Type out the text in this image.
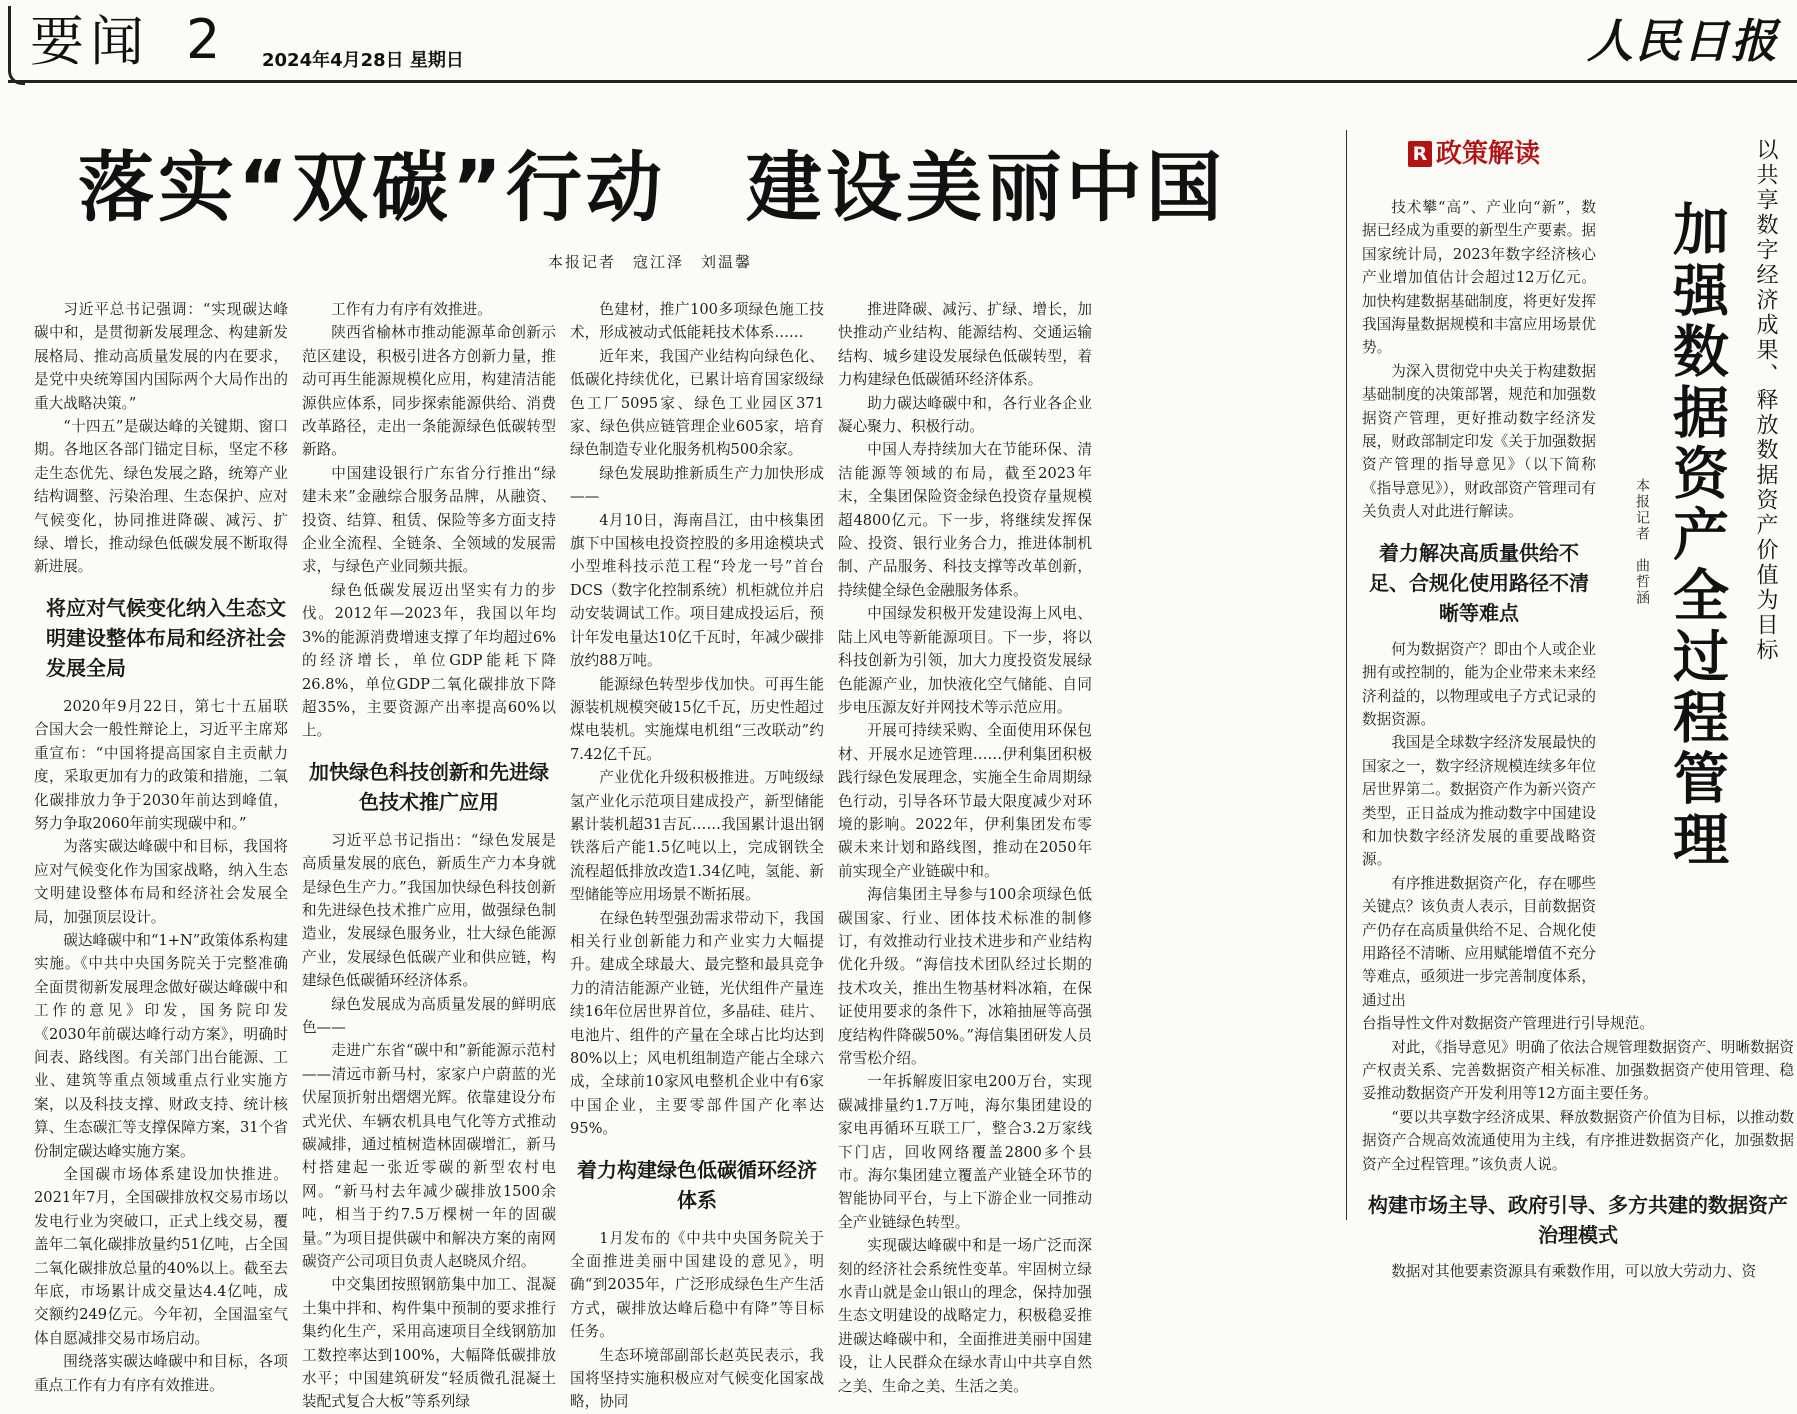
要闻 2 2024年4月28日 星期日	人民日报
落实“双碳”行动　建设美丽中国
本报记者　寇江泽　刘温馨

习近平总书记强调：“实现碳达峰碳中和，是贯彻新发展理念、构建新发展格局、推动高质量发展的内在要求，是党中央统筹国内国际两个大局作出的重大战略决策。”

“十四五”是碳达峰的关键期、窗口期。各地区各部门锚定目标，坚定不移走生态优先、绿色发展之路，统筹产业结构调整、污染治理、生态保护、应对气候变化，协同推进降碳、减污、扩绿、增长，推动绿色低碳发展不断取得新进展。

将应对气候变化纳入生态文明建设整体布局和经济社会发展全局

2020年9月22日，第七十五届联合国大会一般性辩论上，习近平主席郑重宣布：“中国将提高国家自主贡献力度，采取更加有力的政策和措施，二氧化碳排放力争于2030年前达到峰值，努力争取2060年前实现碳中和。”

为落实碳达峰碳中和目标，我国将应对气候变化作为国家战略，纳入生态文明建设整体布局和经济社会发展全局，加强顶层设计。

碳达峰碳中和“1+N”政策体系构建实施。《中共中央国务院关于完整准确全面贯彻新发展理念做好碳达峰碳中和工作的意见》印发，国务院印发《2030年前碳达峰行动方案》，明确时间表、路线图。有关部门出台能源、工业、建筑等重点领域重点行业实施方案，以及科技支撑、财政支持、统计核算、生态碳汇等支撑保障方案，31个省份制定碳达峰实施方案。

全国碳市场体系建设加快推进。2021年7月，全国碳排放权交易市场以发电行业为突破口，正式上线交易，覆盖年二氧化碳排放量约51亿吨，占全国二氧化碳排放总量的40%以上。截至去年底，市场累计成交量达4.4亿吨，成交额约249亿元。今年初，全国温室气体自愿减排交易市场启动。

围绕落实碳达峰碳中和目标，各项重点工作有力有序有效推进。

工作有力有序有效推进。

陕西省榆林市推动能源革命创新示范区建设，积极引进各方创新力量，推动可再生能源规模化应用，构建清洁能源供应体系，同步探索能源供给、消费改革路径，走出一条能源绿色低碳转型新路。

中国建设银行广东省分行推出“绿建未来”金融综合服务品牌，从融资、投资、结算、租赁、保险等多方面支持企业全流程、全链条、全领域的发展需求，与绿色产业同频共振。

绿色低碳发展迈出坚实有力的步伐。2012年—2023年，我国以年均3%的能源消费增速支撑了年均超过6%的经济增长，单位GDP能耗下降26.8%，单位GDP二氧化碳排放下降超35%，主要资源产出率提高60%以上。

加快绿色科技创新和先进绿色技术推广应用

习近平总书记指出：“绿色发展是高质量发展的底色，新质生产力本身就是绿色生产力。”我国加快绿色科技创新和先进绿色技术推广应用，做强绿色制造业，发展绿色服务业，壮大绿色能源产业，发展绿色低碳产业和供应链，构建绿色低碳循环经济体系。

绿色发展成为高质量发展的鲜明底色——

走进广东省“碳中和”新能源示范村——清远市新马村，家家户户蔚蓝的光伏屋顶折射出熠熠光辉。依靠建设分布式光伏、车辆农机具电气化等方式推动碳减排，通过植树造林固碳增汇，新马村搭建起一张近零碳的新型农村电网。“新马村去年减少碳排放1500余吨，相当于约7.5万棵树一年的固碳量。”为项目提供碳中和解决方案的南网碳资产公司项目负责人赵晓凤介绍。

中交集团按照钢筋集中加工、混凝土集中拌和、构件集中预制的要求推行集约化生产，采用高速项目全线钢筋加工数控率达到100%，大幅降低碳排放水平；中国建筑研发“轻质微孔混凝土装配式复合大板”等系列绿

色建材，推广100多项绿色施工技术，形成被动式低能耗技术体系……

近年来，我国产业结构向绿色化、低碳化持续优化，已累计培育国家级绿色工厂5095家、绿色工业园区371家、绿色供应链管理企业605家，培育绿色制造专业化服务机构500余家。

绿色发展助推新质生产力加快形成——

4月10日，海南昌江，由中核集团旗下中国核电投资控股的多用途模块式小型堆科技示范工程“玲龙一号”首台DCS（数字化控制系统）机柜就位并启动安装调试工作。项目建成投运后，预计年发电量达10亿千瓦时，年减少碳排放约88万吨。

能源绿色转型步伐加快。可再生能源装机规模突破15亿千瓦，历史性超过煤电装机。实施煤电机组“三改联动”约7.42亿千瓦。

产业优化升级积极推进。万吨级绿氢产业化示范项目建成投产，新型储能累计装机超31吉瓦……我国累计退出钢铁落后产能1.5亿吨以上，完成钢铁全流程超低排放改造1.34亿吨，氢能、新型储能等应用场景不断拓展。

在绿色转型强劲需求带动下，我国相关行业创新能力和产业实力大幅提升。建成全球最大、最完整和最具竞争力的清洁能源产业链，光伏组件产量连续16年位居世界首位，多晶硅、硅片、电池片、组件的产量在全球占比均达到80%以上；风电机组制造产能占全球六成，全球前10家风电整机企业中有6家中国企业，主要零部件国产化率达95%。

着力构建绿色低碳循环经济体系

1月发布的《中共中央国务院关于全面推进美丽中国建设的意见》，明确“到2035年，广泛形成绿色生产生活方式，碳排放达峰后稳中有降”等目标任务。

生态环境部副部长赵英民表示，我国将坚持实施积极应对气候变化国家战略，协同

推进降碳、减污、扩绿、增长，加快推动产业结构、能源结构、交通运输结构、城乡建设发展绿色低碳转型，着力构建绿色低碳循环经济体系。

助力碳达峰碳中和，各行业各企业凝心聚力、积极行动。

中国人寿持续加大在节能环保、清洁能源等领域的布局，截至2023年末，全集团保险资金绿色投资存量规模超4800亿元。下一步，将继续发挥保险、投资、银行业务合力，推进体制机制、产品服务、科技支撑等改革创新，持续健全绿色金融服务体系。

中国绿发积极开发建设海上风电、陆上风电等新能源项目。下一步，将以科技创新为引领，加大力度投资发展绿色能源产业，加快液化空气储能、自同步电压源友好并网技术等示范应用。

开展可持续采购、全面使用环保包材、开展水足迹管理……伊利集团积极践行绿色发展理念，实施全生命周期绿色行动，引导各环节最大限度减少对环境的影响。2022年，伊利集团发布零碳未来计划和路线图，推动在2050年前实现全产业链碳中和。

海信集团主导参与100余项绿色低碳国家、行业、团体技术标准的制修订，有效推动行业技术进步和产业结构优化升级。“海信技术团队经过长期的技术攻关，推出生物基材料冰箱，在保证使用要求的条件下，冰箱抽屉等高强度结构件降碳50%。”海信集团研发人员常雪松介绍。

一年拆解废旧家电200万台，实现碳减排量约1.7万吨，海尔集团建设的家电再循环互联工厂，整合3.2万家线下门店，回收网络覆盖2800多个县市。海尔集团建立覆盖产业链全环节的智能协同平台，与上下游企业一同推动全产业链绿色转型。

实现碳达峰碳中和是一场广泛而深刻的经济社会系统性变革。牢固树立绿水青山就是金山银山的理念，保持加强生态文明建设的战略定力，积极稳妥推进碳达峰碳中和，全面推进美丽中国建设，让人民群众在绿水青山中共享自然之美、生命之美、生活之美。

R 政策解读	以共享数字经济成果、释放数据资产价值为目标
加强数据资产全过程管理
本报记者　曲哲涵

技术攀“高”、产业向“新”，数据已经成为重要的新型生产要素。据国家统计局，2023年数字经济核心产业增加值估计会超过12万亿元。加快构建数据基础制度，将更好发挥我国海量数据规模和丰富应用场景优势。

为深入贯彻党中央关于构建数据基础制度的决策部署，规范和加强数据资产管理，更好推动数字经济发展，财政部制定印发《关于加强数据资产管理的指导意见》（以下简称《指导意见》），财政部资产管理司有关负责人对此进行解读。

着力解决高质量供给不足、合规化使用路径不清晰等难点

何为数据资产？即由个人或企业拥有或控制的，能为企业带来未来经济利益的，以物理或电子方式记录的数据资源。

我国是全球数字经济发展最快的国家之一，数字经济规模连续多年位居世界第二。数据资产作为新兴资产类型，正日益成为推动数字中国建设和加快数字经济发展的重要战略资源。

有序推进数据资产化，存在哪些关键点？该负责人表示，目前数据资产仍存在高质量供给不足、合规化使用路径不清晰、应用赋能增值不充分等难点，亟须进一步完善制度体系，通过出

台指导性文件对数据资产管理进行引导规范。

对此，《指导意见》明确了依法合规管理数据资产、明晰数据资产权责关系、完善数据资产相关标准、加强数据资产使用管理、稳妥推动数据资产开发利用等12方面主要任务。

“要以共享数字经济成果、释放数据资产价值为目标，以推动数据资产合规高效流通使用为主线，有序推进数据资产化，加强数据资产全过程管理。”该负责人说。

构建市场主导、政府引导、多方共建的数据资产治理模式

数据对其他要素资源具有乘数作用，可以放大劳动力、资
